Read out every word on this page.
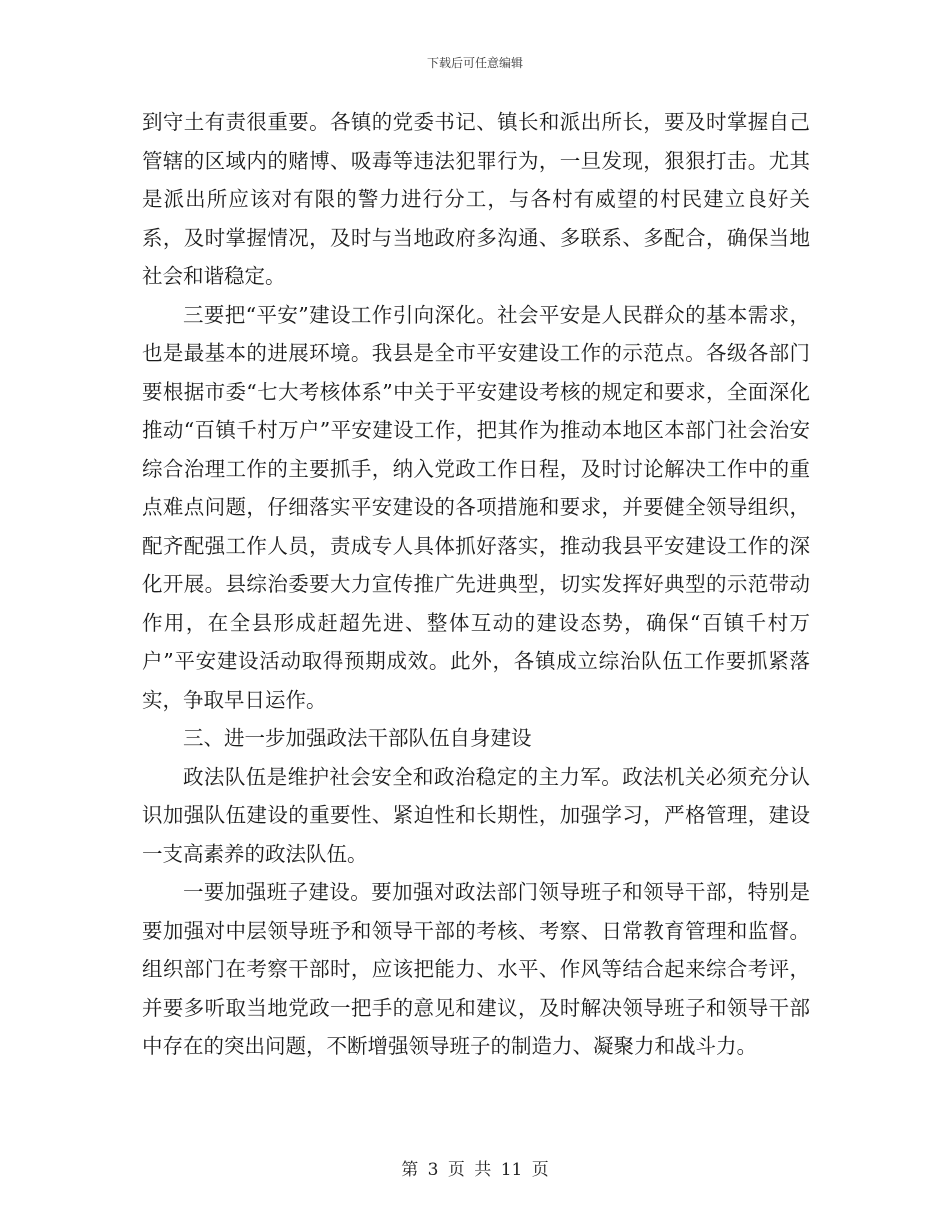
下载后可任意编辑

到守土有责很重要。各镇的党委书记、镇长和派出所长，要及时掌握自己管辖的区域内的赌博、吸毒等违法犯罪行为，一旦发现，狠狠打击。尤其是派出所应该对有限的警力进行分工，与各村有威望的村民建立良好关系，及时掌握情况，及时与当地政府多沟通、多联系、多配合，确保当地社会和谐稳定。

三要把“平安”建设工作引向深化。社会平安是人民群众的基本需求，也是最基本的进展环境。我县是全市平安建设工作的示范点。各级各部门要根据市委“七大考核体系”中关于平安建设考核的规定和要求，全面深化推动“百镇千村万户”平安建设工作，把其作为推动本地区本部门社会治安综合治理工作的主要抓手，纳入党政工作日程，及时讨论解决工作中的重点难点问题，仔细落实平安建设的各项措施和要求，并要健全领导组织，配齐配强工作人员，责成专人具体抓好落实，推动我县平安建设工作的深化开展。县综治委要大力宣传推广先进典型，切实发挥好典型的示范带动作用，在全县形成赶超先进、整体互动的建设态势，确保“百镇千村万户”平安建设活动取得预期成效。此外，各镇成立综治队伍工作要抓紧落实，争取早日运作。

三、进一步加强政法干部队伍自身建设

政法队伍是维护社会安全和政治稳定的主力军。政法机关必须充分认识加强队伍建设的重要性、紧迫性和长期性，加强学习，严格管理，建设一支高素养的政法队伍。

一要加强班子建设。要加强对政法部门领导班子和领导干部，特别是要加强对中层领导班予和领导干部的考核、考察、日常教育管理和监督。组织部门在考察干部时，应该把能力、水平、作风等结合起来综合考评，并要多听取当地党政一把手的意见和建议，及时解决领导班子和领导干部中存在的突出问题，不断增强领导班子的制造力、凝聚力和战斗力。

第 3 页 共 11 页
